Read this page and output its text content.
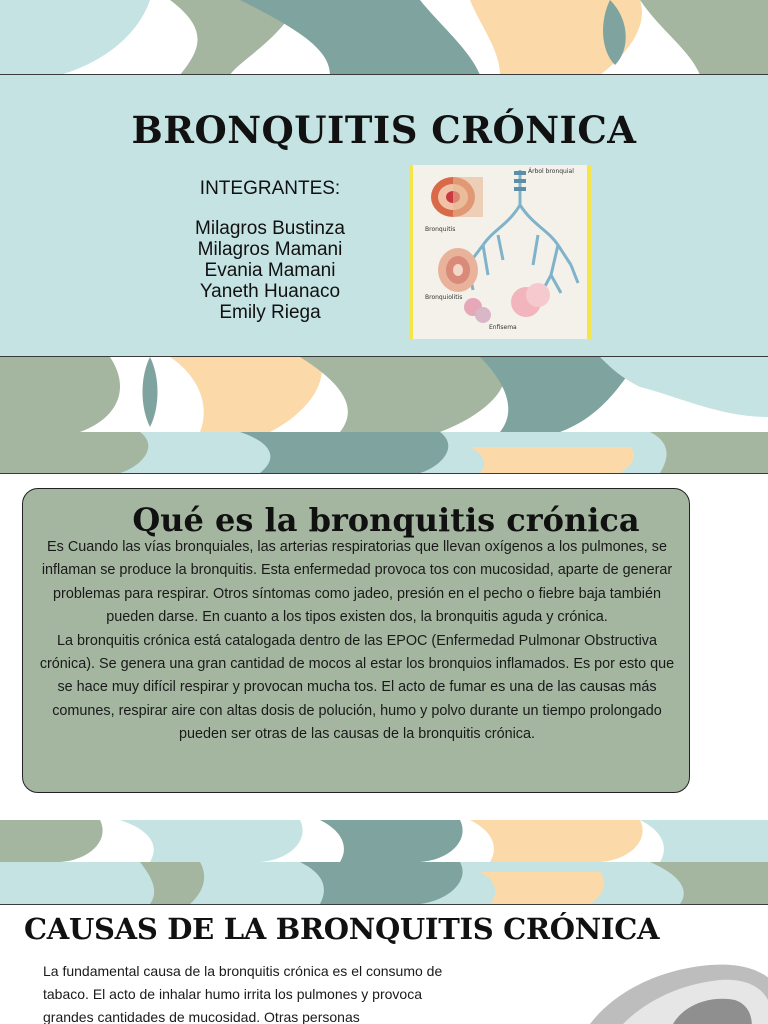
BRONQUITIS CRÓNICA
INTEGRANTES:
Milagros Bustinza
Milagros Mamani
Evania Mamani
Yaneth Huanaco
Emily Riega
Árbol bronquial
Bronquitis
Bronquiolitis
Enfisema
Qué es la bronquitis crónica

Es Cuando las vías bronquiales, las arterias respiratorias que llevan oxígenos a los pulmones, se inflaman se produce la bronquitis. Esta enfermedad provoca tos con mucosidad, aparte de generar problemas para respirar. Otros síntomas como jadeo, presión en el pecho o fiebre baja también pueden darse. En cuanto a los tipos existen dos, la bronquitis aguda y crónica.

La bronquitis crónica está catalogada dentro de las EPOC (Enfermedad Pulmonar Obstructiva crónica). Se genera una gran cantidad de mocos al estar los bronquios inflamados. Es por esto que se hace muy difícil respirar y provocan mucha tos. El acto de fumar es una de las causas más comunes, respirar aire con altas dosis de polución, humo y polvo durante un tiempo prolongado pueden ser otras de las causas de la bronquitis crónica.

CAUSAS DE LA BRONQUITIS CRÓNICA

La fundamental causa de la bronquitis crónica es el consumo de tabaco. El acto de inhalar humo irrita los pulmones y provoca grandes cantidades de mucosidad. Otras personas
